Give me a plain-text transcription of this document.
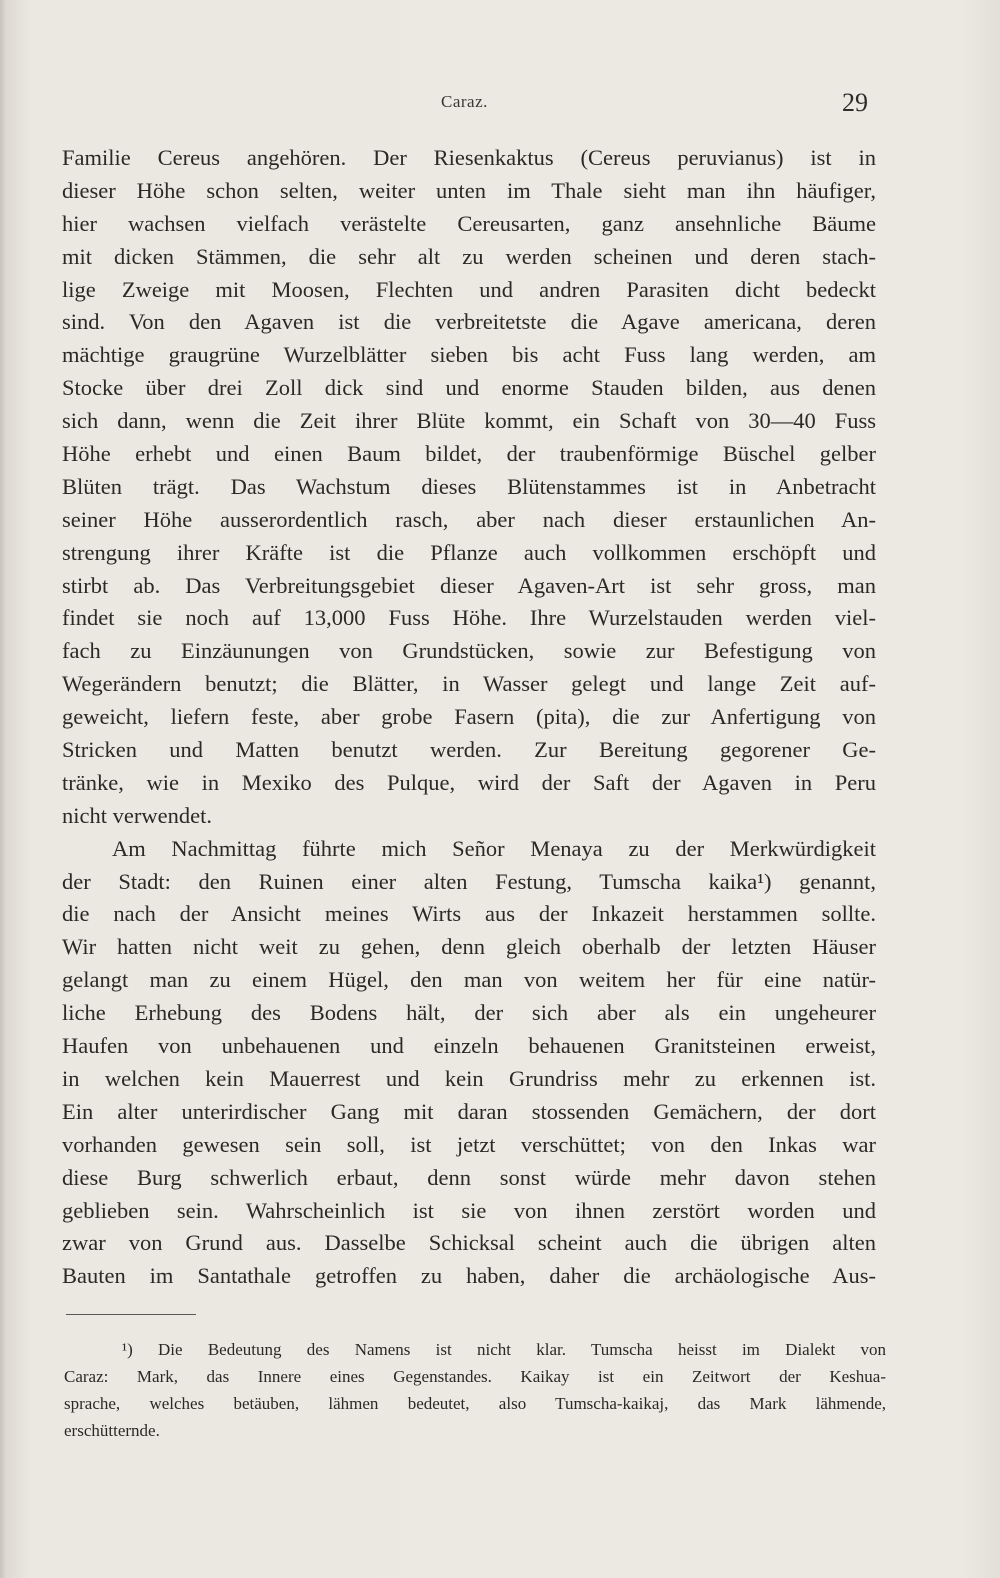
Caraz.	29
Familie Cereus angehören. Der Riesenkaktus (Cereus peruvianus) ist in
dieser Höhe schon selten, weiter unten im Thale sieht man ihn häufiger,
hier wachsen vielfach verästelte Cereusarten, ganz ansehnliche Bäume
mit dicken Stämmen, die sehr alt zu werden scheinen und deren stach-
lige Zweige mit Moosen, Flechten und andren Parasiten dicht bedeckt
sind. Von den Agaven ist die verbreitetste die Agave americana, deren
mächtige graugrüne Wurzelblätter sieben bis acht Fuss lang werden, am
Stocke über drei Zoll dick sind und enorme Stauden bilden, aus denen
sich dann, wenn die Zeit ihrer Blüte kommt, ein Schaft von 30—40 Fuss
Höhe erhebt und einen Baum bildet, der traubenförmige Büschel gelber
Blüten trägt. Das Wachstum dieses Blütenstammes ist in Anbetracht
seiner Höhe ausserordentlich rasch, aber nach dieser erstaunlichen An-
strengung ihrer Kräfte ist die Pflanze auch vollkommen erschöpft und
stirbt ab. Das Verbreitungsgebiet dieser Agaven-Art ist sehr gross, man
findet sie noch auf 13,000 Fuss Höhe. Ihre Wurzelstauden werden viel-
fach zu Einzäunungen von Grundstücken, sowie zur Befestigung von
Wegerändern benutzt; die Blätter, in Wasser gelegt und lange Zeit auf-
geweicht, liefern feste, aber grobe Fasern (pita), die zur Anfertigung von
Stricken und Matten benutzt werden. Zur Bereitung gegorener Ge-
tränke, wie in Mexiko des Pulque, wird der Saft der Agaven in Peru
nicht verwendet.
Am Nachmittag führte mich Señor Menaya zu der Merkwürdigkeit
der Stadt: den Ruinen einer alten Festung, Tumscha kaika¹) genannt,
die nach der Ansicht meines Wirts aus der Inkazeit herstammen sollte.
Wir hatten nicht weit zu gehen, denn gleich oberhalb der letzten Häuser
gelangt man zu einem Hügel, den man von weitem her für eine natür-
liche Erhebung des Bodens hält, der sich aber als ein ungeheurer
Haufen von unbehauenen und einzeln behauenen Granitsteinen erweist,
in welchen kein Mauerrest und kein Grundriss mehr zu erkennen ist.
Ein alter unterirdischer Gang mit daran stossenden Gemächern, der dort
vorhanden gewesen sein soll, ist jetzt verschüttet; von den Inkas war
diese Burg schwerlich erbaut, denn sonst würde mehr davon stehen
geblieben sein. Wahrscheinlich ist sie von ihnen zerstört worden und
zwar von Grund aus. Dasselbe Schicksal scheint auch die übrigen alten
Bauten im Santathale getroffen zu haben, daher die archäologische Aus-
¹) Die Bedeutung des Namens ist nicht klar. Tumscha heisst im Dialekt von
Caraz: Mark, das Innere eines Gegenstandes. Kaikay ist ein Zeitwort der Keshua-
sprache, welches betäuben, lähmen bedeutet, also Tumscha-kaikaj, das Mark lähmende,
erschütternde.
